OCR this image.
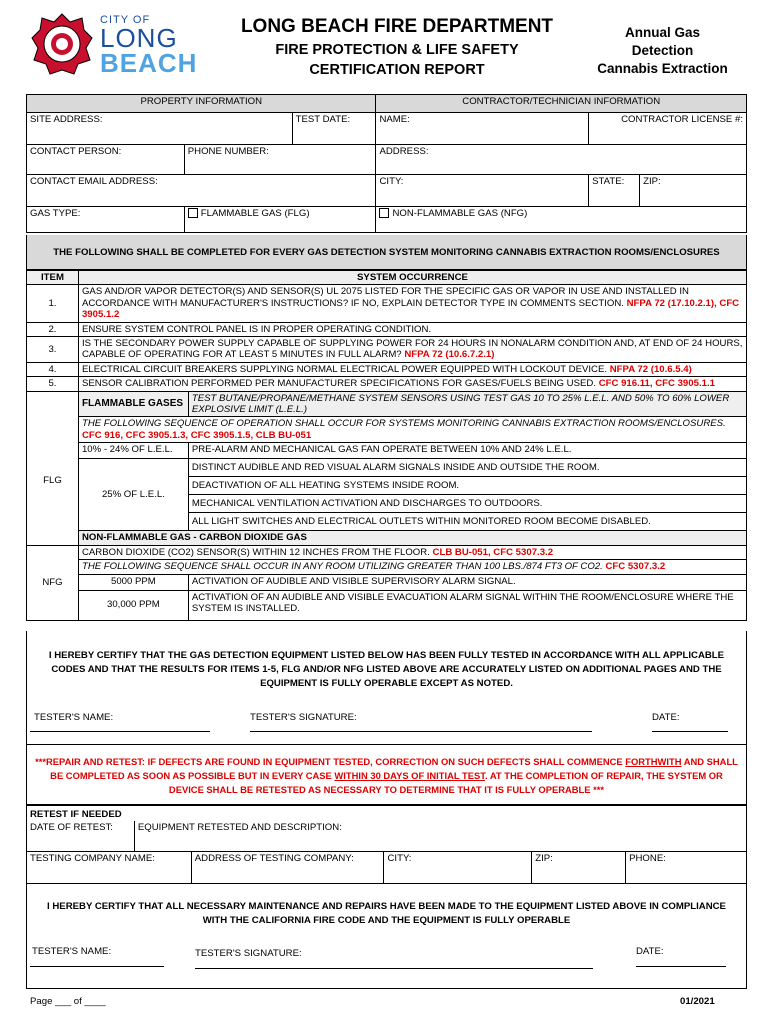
CITY OF
LONG
BEACH
LONG BEACH FIRE DEPARTMENT
FIRE PROTECTION & LIFE SAFETY
CERTIFICATION REPORT
Annual Gas
Detection
Cannabis Extraction
PROPERTY INFORMATION			CONTRACTOR/TECHNICIAN INFORMATION		
SITE ADDRESS:		TEST DATE:	NAME:	CONTRACTOR LICENSE #:	
CONTACT PERSON:	PHONE NUMBER:		ADDRESS:		
CONTACT EMAIL ADDRESS:			CITY:	STATE:	ZIP:
GAS TYPE:	FLAMMABLE GAS (FLG)		NON-FLAMMABLE GAS (NFG)		
THE FOLLOWING SHALL BE COMPLETED FOR EVERY GAS DETECTION SYSTEM MONITORING CANNABIS EXTRACTION ROOMS/ENCLOSURES
ITEM	SYSTEM OCCURRENCE	
1.	GAS AND/OR VAPOR DETECTOR(S) AND SENSOR(S) UL 2075 LISTED FOR THE SPECIFIC GAS OR VAPOR IN USE AND INSTALLED IN ACCORDANCE WITH MANUFACTURER'S INSTRUCTIONS? IF NO, EXPLAIN DETECTOR TYPE IN COMMENTS SECTION. NFPA 72 (17.10.2.1), CFC 3905.1.2	
2.	ENSURE SYSTEM CONTROL PANEL IS IN PROPER OPERATING CONDITION.	
3.	IS THE SECONDARY POWER SUPPLY CAPABLE OF SUPPLYING POWER FOR 24 HOURS IN NONALARM CONDITION AND, AT END OF 24 HOURS, CAPABLE OF OPERATING FOR AT LEAST 5 MINUTES IN FULL ALARM? NFPA 72 (10.6.7.2.1)	
4.	ELECTRICAL CIRCUIT BREAKERS SUPPLYING NORMAL ELECTRICAL POWER EQUIPPED WITH LOCKOUT DEVICE. NFPA 72 (10.6.5.4)	
5.	SENSOR CALIBRATION PERFORMED PER MANUFACTURER SPECIFICATIONS FOR GASES/FUELS BEING USED. CFC 916.11, CFC 3905.1.1	
	FLAMMABLE GASES	TEST BUTANE/PROPANE/METHANE SYSTEM SENSORS USING TEST GAS 10 TO 25% L.E.L. AND 50% TO 60% LOWER EXPLOSIVE LIMIT (L.E.L.)
FLG	THE FOLLOWING SEQUENCE OF OPERATION SHALL OCCUR FOR SYSTEMS MONITORING CANNABIS EXTRACTION ROOMS/ENCLOSURES. CFC 916, CFC 3905.1.3, CFC 3905.1.5, CLB BU-051	
	10% - 24% OF L.E.L.	PRE-ALARM AND MECHANICAL GAS FAN OPERATE BETWEEN 10% AND 24% L.E.L.
	25% OF L.E.L.	DISTINCT AUDIBLE AND RED VISUAL ALARM SIGNALS INSIDE AND OUTSIDE THE ROOM.
		DEACTIVATION OF ALL HEATING SYSTEMS INSIDE ROOM.
		MECHANICAL VENTILATION ACTIVATION AND DISCHARGES TO OUTDOORS.
		ALL LIGHT SWITCHES AND ELECTRICAL OUTLETS WITHIN MONITORED ROOM BECOME DISABLED.
	NON-FLAMMABLE GAS - CARBON DIOXIDE GAS	
NFG	CARBON DIOXIDE (CO2) SENSOR(S) WITHIN 12 INCHES FROM THE FLOOR. CLB BU-051, CFC 5307.3.2	
	THE FOLLOWING SEQUENCE SHALL OCCUR IN ANY ROOM UTILIZING GREATER THAN 100 LBS./874 FT3 OF CO2. CFC 5307.3.2	
	5000 PPM	ACTIVATION OF AUDIBLE AND VISIBLE SUPERVISORY ALARM SIGNAL.
	30,000 PPM	ACTIVATION OF AN AUDIBLE AND VISIBLE EVACUATION ALARM SIGNAL WITHIN THE ROOM/ENCLOSURE WHERE THE SYSTEM IS INSTALLED.
I HEREBY CERTIFY THAT THE GAS DETECTION EQUIPMENT LISTED BELOW HAS BEEN FULLY TESTED IN ACCORDANCE WITH ALL APPLICABLE CODES AND THAT THE RESULTS FOR ITEMS 1-5, FLG AND/OR NFG LISTED ABOVE ARE ACCURATELY LISTED ON ADDITIONAL PAGES AND THE EQUIPMENT IS FULLY OPERABLE EXCEPT AS NOTED.
TESTER'S NAME:	TESTER'S SIGNATURE:	DATE:
***REPAIR AND RETEST: IF DEFECTS ARE FOUND IN EQUIPMENT TESTED, CORRECTION ON SUCH DEFECTS SHALL COMMENCE FORTHWITH AND SHALL BE COMPLETED AS SOON AS POSSIBLE BUT IN EVERY CASE WITHIN 30 DAYS OF INITIAL TEST. AT THE COMPLETION OF REPAIR, THE SYSTEM OR DEVICE SHALL BE RETESTED AS NECESSARY TO DETERMINE THAT IT IS FULLY OPERABLE ***
RETEST IF NEEDED					
DATE OF RETEST:	EQUIPMENT RETESTED AND DESCRIPTION:				
TESTING COMPANY NAME:		ADDRESS OF TESTING COMPANY:	CITY:	ZIP:	PHONE:
I HEREBY CERTIFY THAT ALL NECESSARY MAINTENANCE AND REPAIRS HAVE BEEN MADE TO THE EQUIPMENT LISTED ABOVE IN COMPLIANCE WITH THE CALIFORNIA FIRE CODE AND THE EQUIPMENT IS FULLY OPERABLE
TESTER'S NAME:	TESTER'S SIGNATURE:	DATE:
Page ___ of ____	01/2021
